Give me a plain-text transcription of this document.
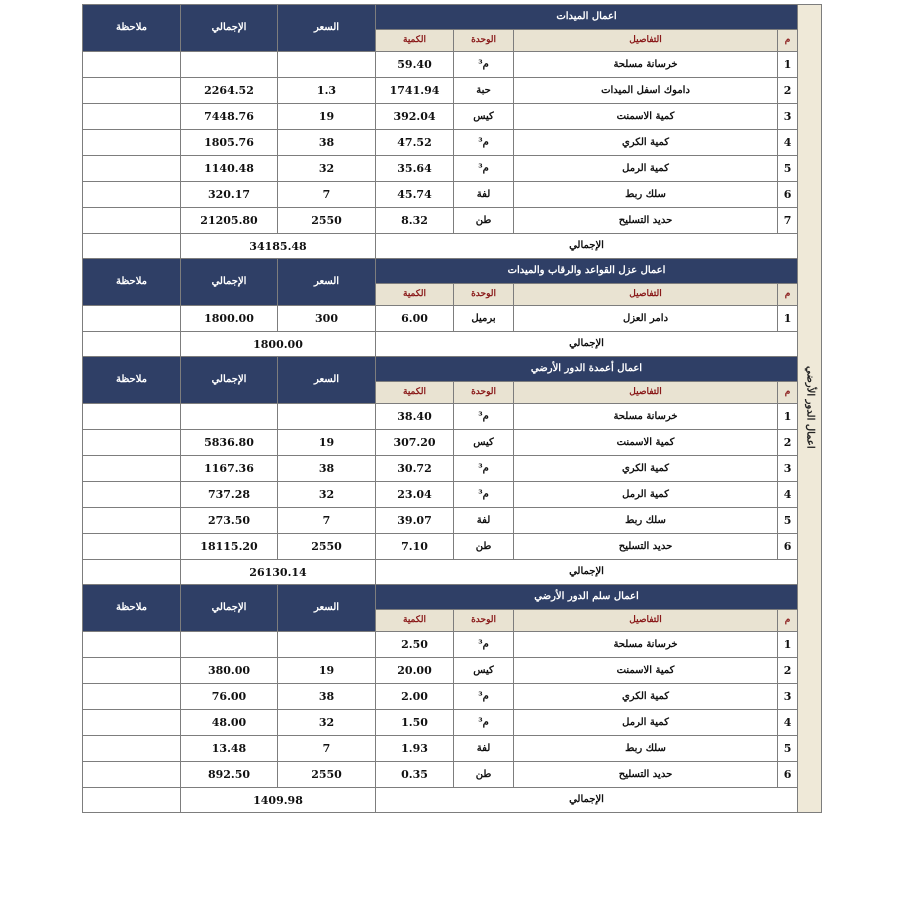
اعمال الدور الأرضي	اعمال الميدات				السعر	الإجمالي	ملاحظة
	م	التفاصيل	الوحدة	الكمية			
	1	خرسانة مسلحة	م³	59.40			
	2	داموك اسفل الميدات	حبة	1741.94	1.3	2264.52	
	3	كمية الاسمنت	كيس	392.04	19	7448.76	
	4	كمية الكري	م³	47.52	38	1805.76	
	5	كمية الرمل	م³	35.64	32	1140.48	
	6	سلك ربط	لفة	45.74	7	320.17	
	7	حديد التسليح	طن	8.32	2550	21205.80	
	الإجمالي				34185.48		
	اعمال عزل القواعد والرقاب والميدات				السعر	الإجمالي	ملاحظة
	م	التفاصيل	الوحدة	الكمية			
	1	دامر العزل	برميل	6.00	300	1800.00	
	الإجمالي				1800.00		
	اعمال أعمدة الدور الأرضي				السعر	الإجمالي	ملاحظة
	م	التفاصيل	الوحدة	الكمية			
	1	خرسانة مسلحة	م³	38.40			
	2	كمية الاسمنت	كيس	307.20	19	5836.80	
	3	كمية الكري	م³	30.72	38	1167.36	
	4	كمية الرمل	م³	23.04	32	737.28	
	5	سلك ربط	لفة	39.07	7	273.50	
	6	حديد التسليح	طن	7.10	2550	18115.20	
	الإجمالي				26130.14		
	اعمال سلم الدور الأرضي				السعر	الإجمالي	ملاحظة
	م	التفاصيل	الوحدة	الكمية			
	1	خرسانة مسلحة	م³	2.50			
	2	كمية الاسمنت	كيس	20.00	19	380.00	
	3	كمية الكري	م³	2.00	38	76.00	
	4	كمية الرمل	م³	1.50	32	48.00	
	5	سلك ربط	لفة	1.93	7	13.48	
	6	حديد التسليح	طن	0.35	2550	892.50	
	الإجمالي				1409.98		
